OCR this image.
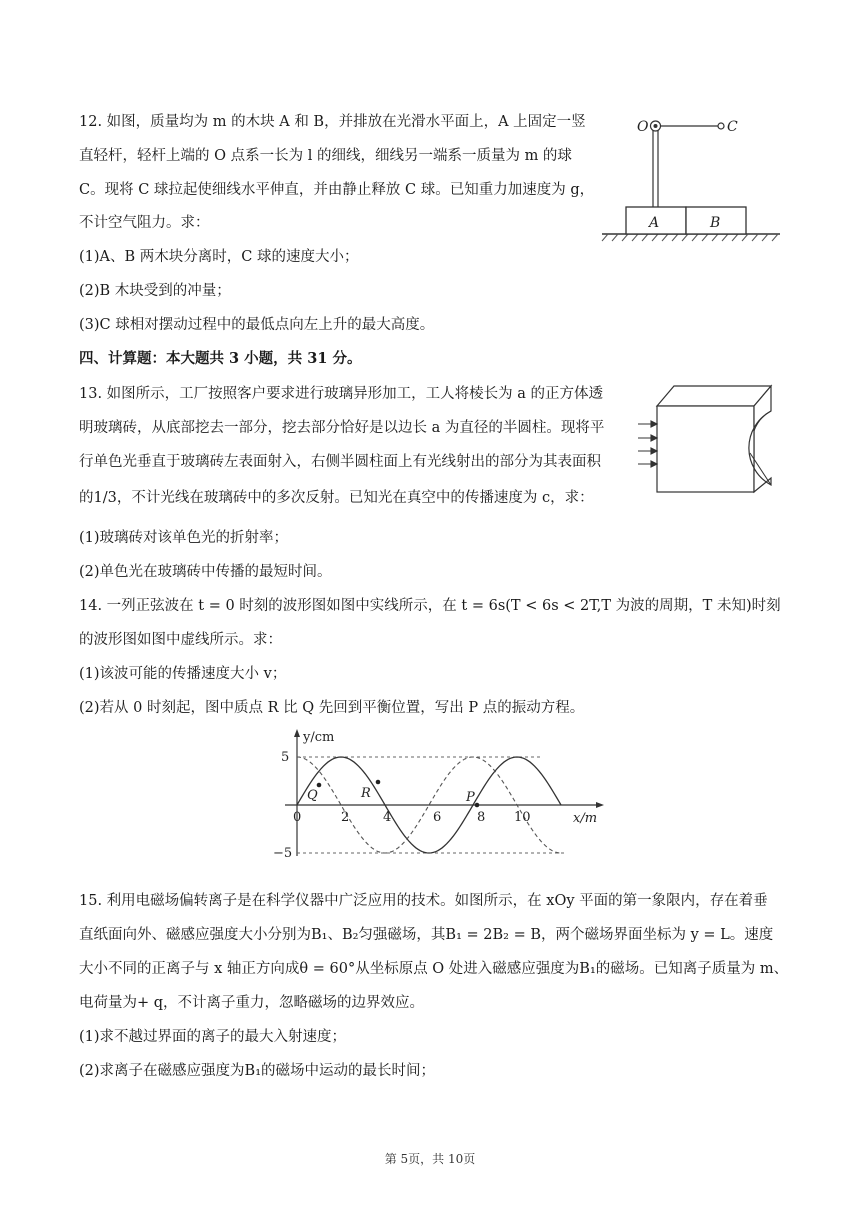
12. 如图，质量均为 m 的木块 A 和 B，并排放在光滑水平面上，A 上固定一竖
直轻杆，轻杆上端的 O 点系一长为 l 的细线，细线另一端系一质量为 m 的球
C。现将 C 球拉起使细线水平伸直，并由静止释放 C 球。已知重力加速度为 g，
不计空气阻力。求：
(1)A、B 两木块分离时，C 球的速度大小；
(2)B 木块受到的冲量；
(3)C 球相对摆动过程中的最低点向左上升的最大高度。
A	B
O	C
四、计算题：本大题共 3 小题，共 31 分。
13. 如图所示，工厂按照客户要求进行玻璃异形加工，工人将棱长为 a 的正方体透
明玻璃砖，从底部挖去一部分，挖去部分恰好是以边长 a 为直径的半圆柱。现将平
行单色光垂直于玻璃砖左表面射入，右侧半圆柱面上有光线射出的部分为其表面积
的1/3，不计光线在玻璃砖中的多次反射。已知光在真空中的传播速度为 c，求：
(1)玻璃砖对该单色光的折射率；
(2)单色光在玻璃砖中传播的最短时间。
14. 一列正弦波在 t = 0 时刻的波形图如图中实线所示，在 t = 6s(T < 6s < 2T,T 为波的周期，T 未知)时刻
的波形图如图中虚线所示。求：
(1)该波可能的传播速度大小 v；
(2)若从 0 时刻起，图中质点 R 比 Q 先回到平衡位置，写出 P 点的振动方程。
Q	R	P
y/cm
x/m
0	2	4	6	8 10
5
−5
15. 利用电磁场偏转离子是在科学仪器中广泛应用的技术。如图所示，在 xOy 平面的第一象限内，存在着垂
直纸面向外、磁感应强度大小分别为B₁、B₂匀强磁场，其B₁ = 2B₂ = B，两个磁场界面坐标为 y = L。速度
大小不同的正离子与 x 轴正方向成θ = 60°从坐标原点 O 处进入磁感应强度为B₁的磁场。已知离子质量为 m、
电荷量为+ q，不计离子重力，忽略磁场的边界效应。
(1)求不越过界面的离子的最大入射速度；
(2)求离子在磁感应强度为B₁的磁场中运动的最长时间；
第 5页，共 10页
